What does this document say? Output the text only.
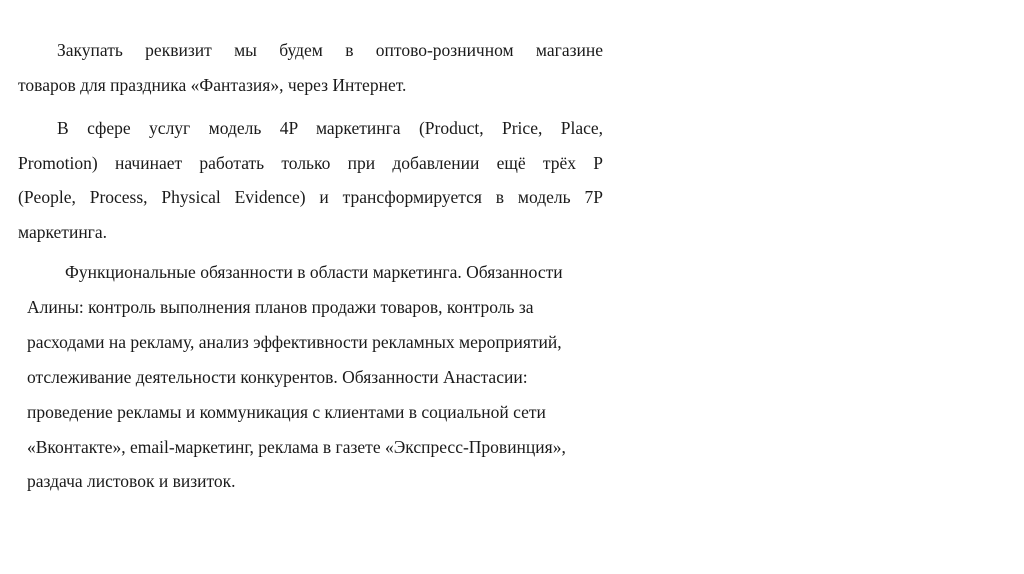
Закупать реквизит мы будем в оптово-розничном магазине

товаров для праздника «Фантазия», через Интернет.

В сфере услуг модель 4P маркетинга (Product, Price, Place,

Promotion) начинает работать только при добавлении ещё трёх P

(People, Process, Physical Evidence) и трансформируется в модель 7P

маркетинга.

Функциональные обязанности в области маркетинга. Обязанности

Алины: контроль выполнения планов продажи товаров, контроль за

расходами на рекламу, анализ эффективности рекламных мероприятий,

отслеживание деятельности конкурентов. Обязанности Анастасии:

проведение рекламы и коммуникация с клиентами в социальной сети

«Вконтакте», email-маркетинг, реклама в газете «Экспресс-Провинция»,

раздача листовок и визиток.
